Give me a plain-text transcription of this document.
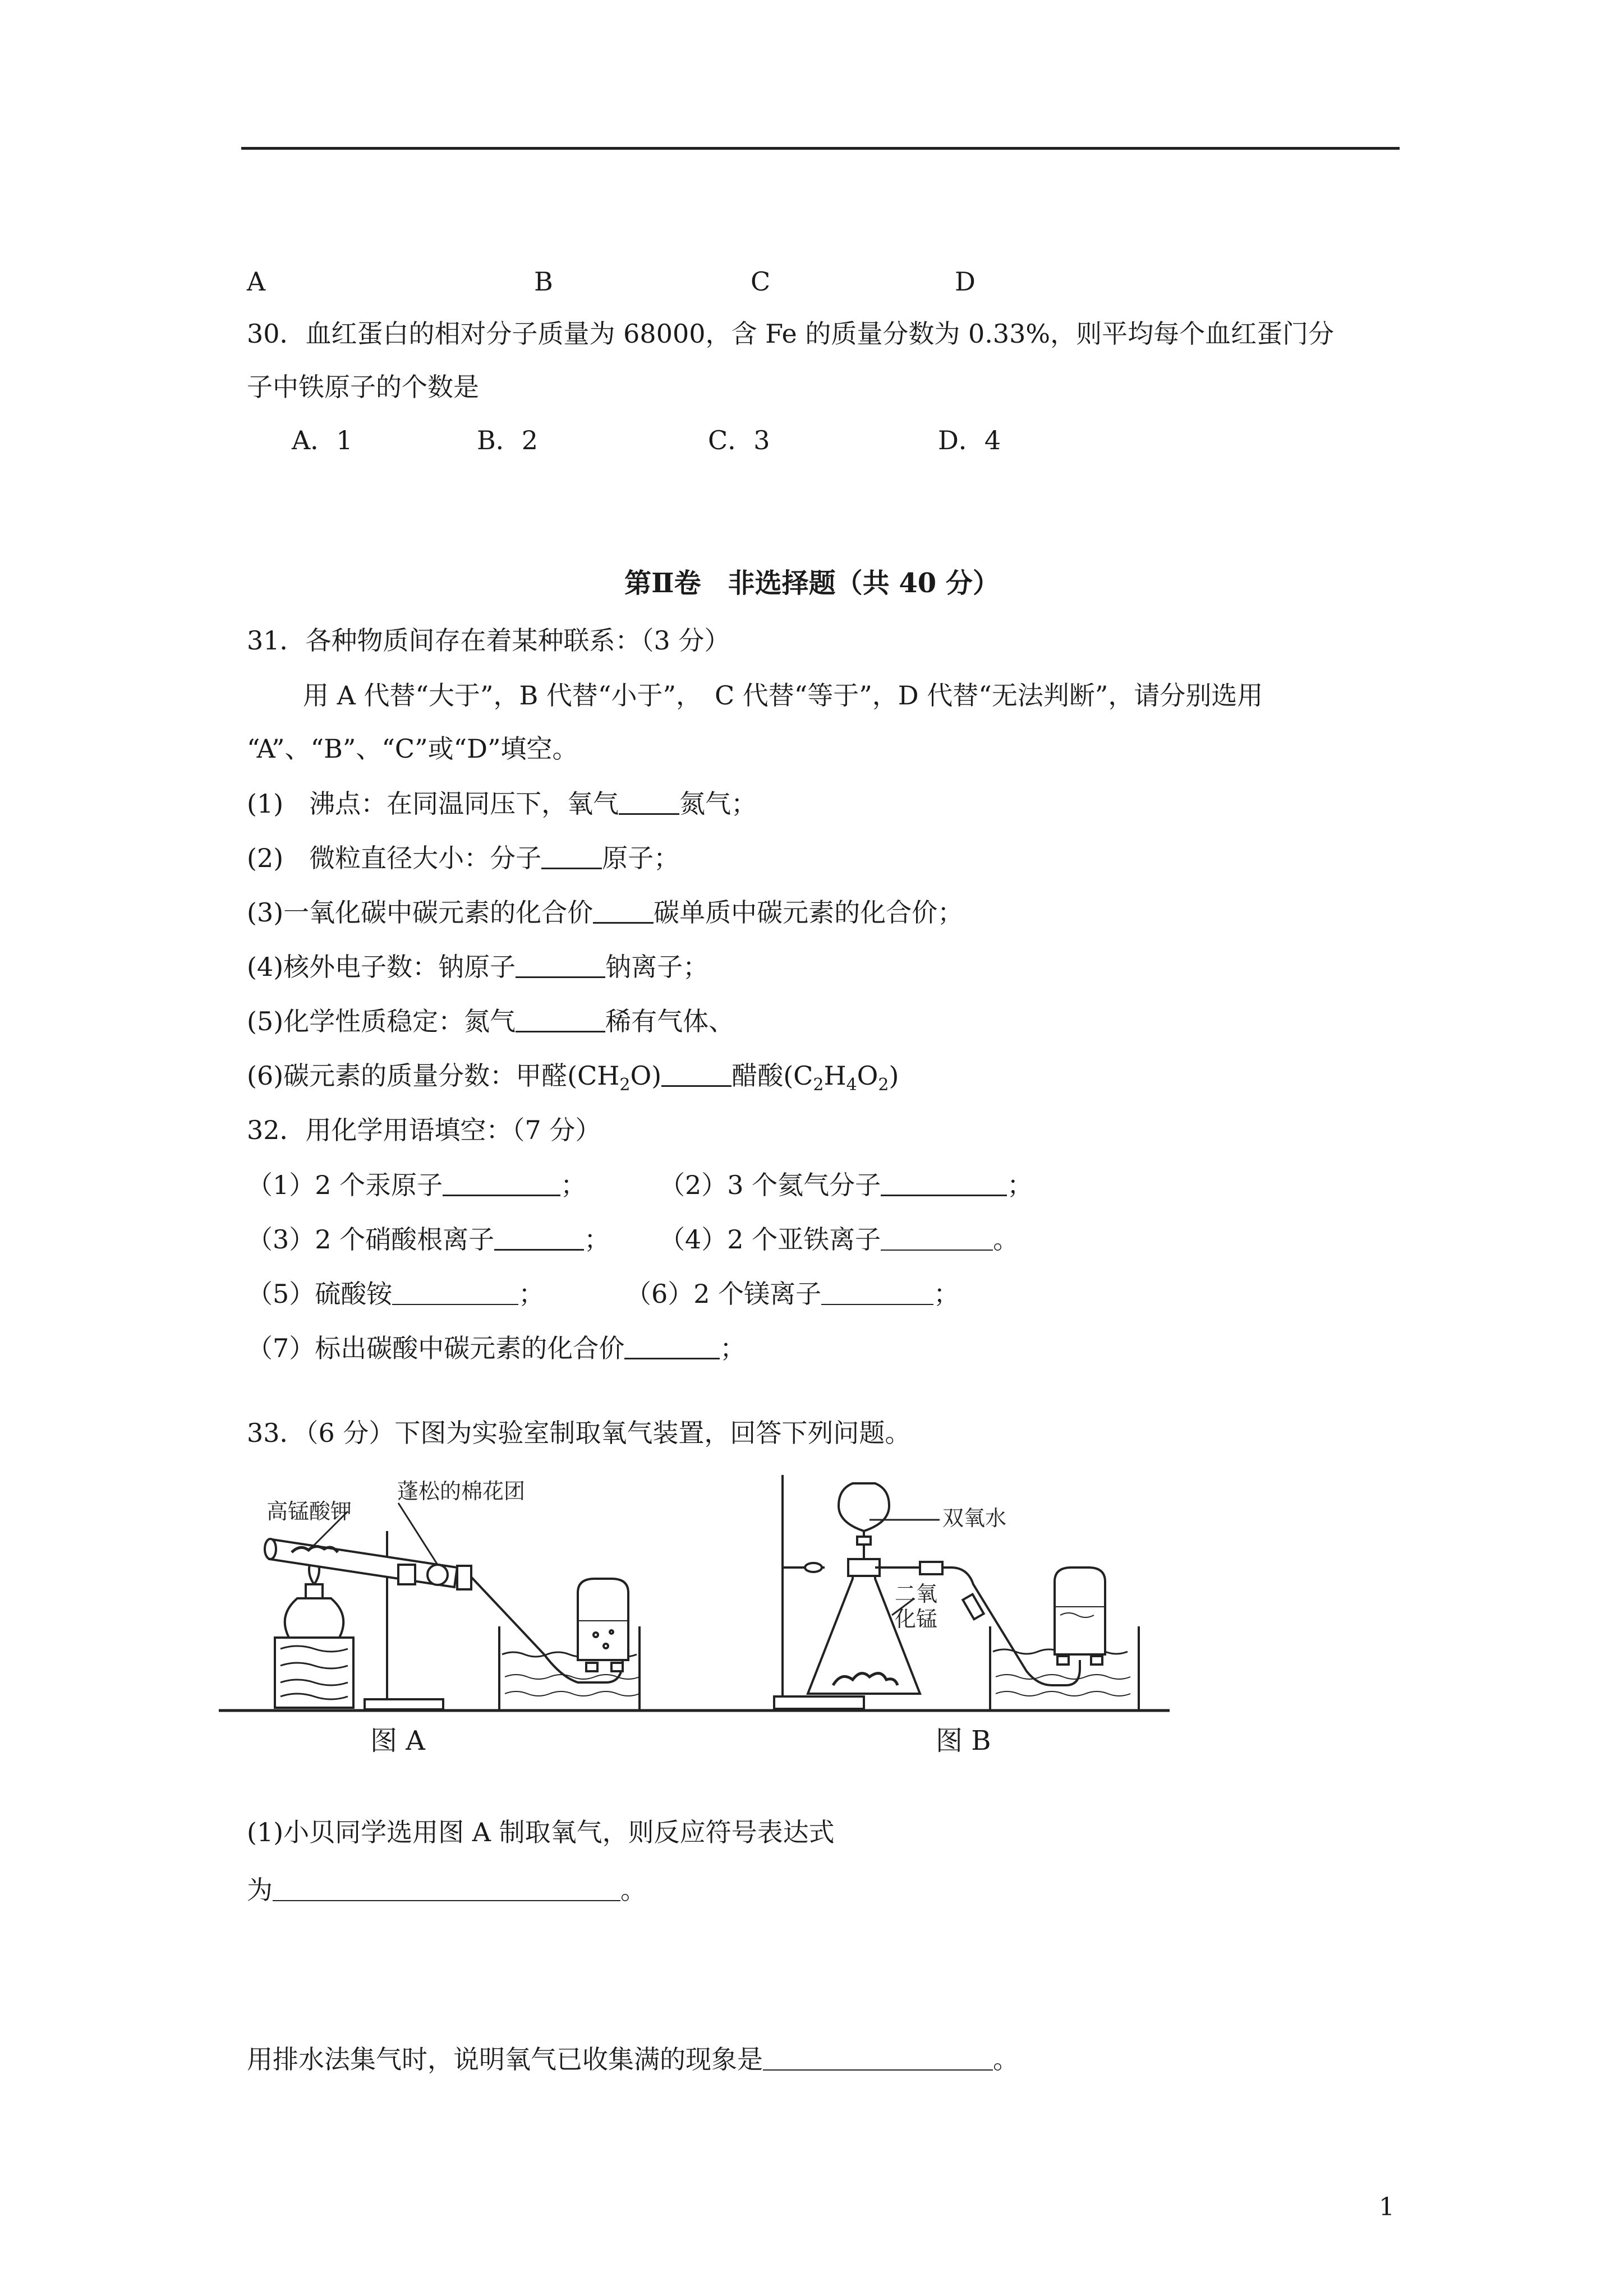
A	B	C	D
30．血红蛋白的相对分子质量为 68000，含 Fe 的质量分数为 0.33%，则平均每个血红蛋门分
子中铁原子的个数是
A．1	B．2	C．3	D．4
第Ⅱ卷　非选择题（共 40 分）
31．各种物质间存在着某种联系：（3 分）
用 A 代替“大于”，B 代替“小于”，　C 代替“等于”，D 代替“无法判断”，请分别选用
“A”、“B”、“C”或“D”填空。
(1)　沸点：在同温同压下，氧气 氮气；
(2)　微粒直径大小：分子 原子；
(3)一氧化碳中碳元素的化合价 碳单质中碳元素的化合价；
(4)核外电子数：钠原子	钠离子；
(5)化学性质稳定：氮气	稀有气体、
(6)碳元素的质量分数：甲醛$(CH_2O)$	醋酸$(C_2H_4O_2)$
32．用化学用语填空：（7 分）
（1）2 个汞原子	；	（2）3 个氦气分子	；
（3）2 个硝酸根离子	； （4）2 个亚铁离子	。
（5）硫酸铵	；	（6）2 个镁离子	；
（7）标出碳酸中碳元素的化合价	；
33．（6 分）下图为实验室制取氧气装置，回答下列问题。
高锰酸钾
蓬松的棉花团
双氧水
二氧
化锰
图 A	图 B
(1)小贝同学选用图 A 制取氧气，则反应符号表达式
为	。
用排水法集气时，说明氧气已收集满的现象是	。
1
